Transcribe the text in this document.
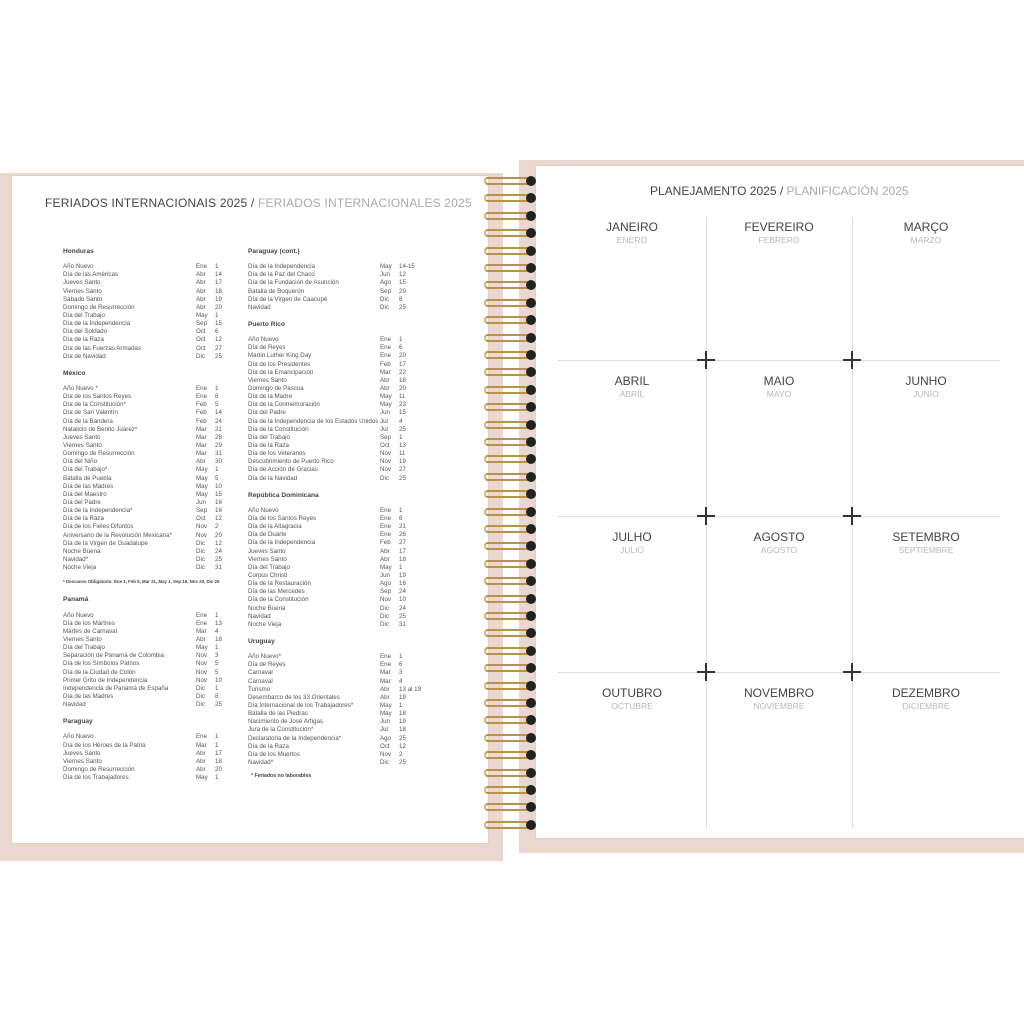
FERIADOS INTERNACIONAIS 2025 / FERIADOS INTERNACIONALES 2025
Honduras
Año Nuevo	Ene 1
Día de las Américas	Abr 14
Jueves Santo	Abr 17
Viernes Santo	Abr 18
Sábado Santo	Abr 19
Domingo de Resurrección	Abr 20
Día del Trabajo	May 1
Día de la Independencia	Sep 15
Día del Soldado	Oct 6
Día de la Raza	Oct 12
Día de las Fuerzas Armadas	Oct 27
Día de Navidad	Dic 25
México
Año Nuevo *	Ene 1
Día de los Santos Reyes	Ene 6
Día de la Constitución*	Feb 5
Día de San Valentín	Feb 14
Día de la Bandera	Feb 24
Natalicio de Benito Juárez*	Mar 21
Jueves Santo	Mar 28
Viernes Santo	Mar 29
Domingo de Resurrección	Mar 31
Día del Niño	Abr 30
Día del Trabajo*	May 1
Batalla de Puebla	May 5
Día de las Madres	May 10
Día del Maestro	May 15
Día del Padre	Jun 16
Día de la Independencia*	Sep 16
Día de la Raza	Oct 12
Día de los Fieles Difuntos	Nov 2
Aniversario de la Revolución Mexicana*	Nov 20
Día de la Virgen de Guadalupe	Dic 12
Noche Buena	Dic 24
Navidad*	Dic 25
Noche Vieja	Dic 31
* Descanso Obligatorio: Ene 1, Feb 5, Mar 21, May 1, Sep 16, Nov 20, Dic 25
Panamá
Año Nuevo	Ene 1
Día de los Mártires	Ene 13
Martes de Carnaval	Mar 4
Viernes Santo	Abr 18
Día del Trabajo	May 1
Separación de Panamá de Colombia	Nov 3
Día de los Símbolos Patrios	Nov 5
Día de la Ciudad de Colón	Nov 5
Primer Grito de Independencia	Nov 10
Independencia de Panamá de España	Dic 1
Día de las Madres	Dic 8
Navidad	Dic 25
Paraguay
Año Nuevo	Ene 1
Día de los Héroes de la Patria	Mar 1
Jueves Santo	Abr 17
Viernes Santo	Abr 18
Domingo de Resurrección	Abr 20
Día de los Trabajadores	May 1
Paraguay (cont.)
Día de la Independencia	May 14-15
Día de la Paz del Chaco	Jun 12
Día de la Fundación de Asunción	Ago 15
Batalla de Boquerón	Sep 29
Día de la Virgen de Caacupé	Dic 8
Navidad	Dic 25
Puerto Rico
Año Nuevo	Ene 1
Día de Reyes	Ene 6
Martin Luther King Day	Ene 20
Día de los Presidentes	Feb 17
Día de la Emancipación	Mar 22
Viernes Santo	Abr 18
Domingo de Pascua	Abr 20
Día de la Madre	May 11
Día de la Conmemoración	May 23
Día del Padre	Jun 15
Día de la Independencia de los Estados Unidos Jul 4
Día de la Constitución	Jul 25
Día del Trabajo	Sep 1
Día de la Raza	Oct 13
Día de los Veteranos	Nov 11
Descubrimiento de Puerto Rico	Nov 19
Día de Acción de Gracias	Nov 27
Día de la Navidad	Dic 25
República Dominicana
Año Nuevo	Ene 1
Día de los Santos Reyes	Ene 6
Día de la Altagracia	Ene 21
Día de Duarte	Ene 26
Día de la Independencia	Feb 27
Jueves Santo	Abr 17
Viernes Santo	Abr 18
Día del Trabajo	May 1
Corpus Christi	Jun 19
Día de la Restauración	Ago 16
Día de las Mercedes	Sep 24
Día de la Constitución	Nov 10
Noche Buena	Dic 24
Navidad	Dic 25
Noche Vieja	Dic 31
Uruguay
Año Nuevo*	Ene 1
Día de Reyes	Ene 6
Carnaval	Mar 3
Carnaval	Mar 4
Turismo	Abr 13 al 19
Desembarco de los 33 Orientales	Abr 19
Día Internacional de los Trabajadores*	May 1
Batalla de las Piedras	May 18
Nacimiento de José Artigas	Jun 19
Jura de la Constitución*	Jul 18
Declaratoria de la Independencia*	Ago 25
Día de la Raza	Oct 12
Día de los Muertos	Nov 2
Navidad*	Dic 25
* Feriados no laborables
PLANEJAMENTO 2025 / PLANIFICACIÓN 2025
JANEIRO
ENERO
FEVEREIRO
FEBRERO
MARÇO
MARZO
ABRIL
ABRIL
MAIO
MAYO
JUNHO
JUNIO
JULHO
JULIO
AGOSTO
AGOSTO
SETEMBRO
SEPTIEMBRE
OUTUBRO
OCTUBRE
NOVEMBRO
NOVIEMBRE
DEZEMBRO
DICIEMBRE
